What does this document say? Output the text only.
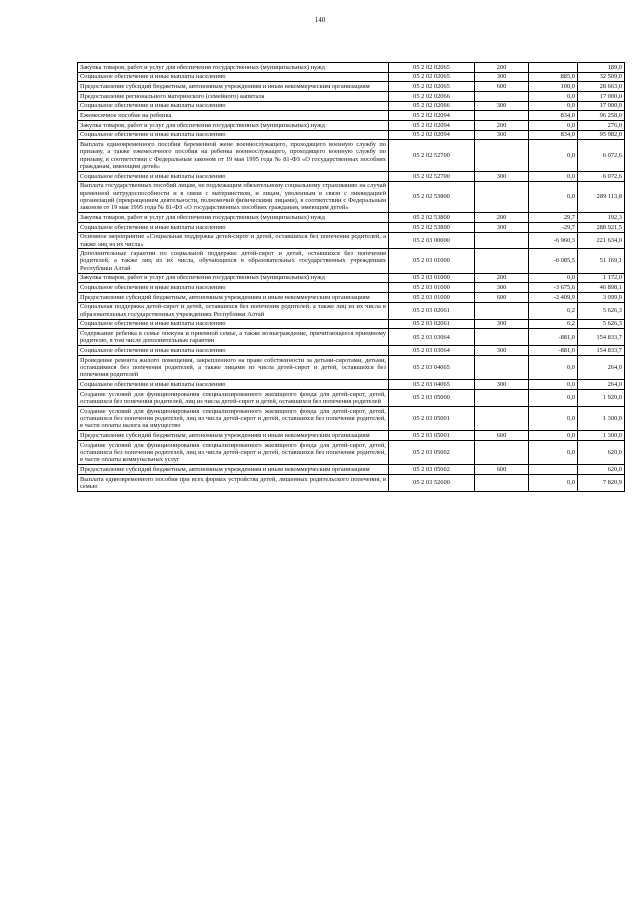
140
Закупка товаров, работ и услуг для обеспечения государственных (муниципальных) нужд	05 2 02 02065	200		189,0
Социальное обеспечение и иные выплаты населению	05 2 02 02065	300	885,0	32 509,0
Предоставление субсидий бюджетным, автономным учреждениям и иным некоммерческим организациям	05 2 02 02065	600	100,0	28 663,0
Предоставление регионального материнского (семейного) капитала	05 2 02 02066		0,0	17 000,0
Социальное обеспечение и иные выплаты населению	05 2 02 02066	300	0,0	17 000,0
Ежемесячное пособие на ребенка	05 2 02 02094		834,0	96 258,0
Закупка товаров, работ и услуг для обеспечения государственных (муниципальных) нужд	05 2 02 02094	200	0,0	276,0
Социальное обеспечение и иные выплаты населению	05 2 02 02094	300	834,0	95 982,0
Выплата единовременного пособия беременной жене военнослужащего, проходящего военную службу по призыву, а также ежемесячного пособия на ребенка военнослужащего, проходящего военную службу по призыву, в соответствии с Федеральным законом от 19 мая 1995 года № 81-ФЗ «О государственных пособиях гражданам, имеющим детей»	05 2 02 52700		0,0	6 072,6
Социальное обеспечение и иные выплаты населению	05 2 02 52700	300	0,0	6 072,6
Выплата государственных пособий лицам, не подлежащим обязательному социальному страхованию на случай временной нетрудоспособности и в связи с материнством, и лицам, уволенным в связи с ликвидацией организаций (прекращением деятельности, полномочий физическими лицами), в соответствии с Федеральным законом от 19 мая 1995 года № 81-ФЗ «О государственных пособиях гражданам, имеющим детей»	05 2 02 53800		0,0	289 113,8
Закупка товаров, работ и услуг для обеспечения государственных (муниципальных) нужд	05 2 02 53800	200	29,7	192,3
Социальное обеспечение и иные выплаты населению	05 2 02 53800	300	-29,7	288 921,5
Основное мероприятие «Социальная поддержка детей-сирот и детей, оставшихся без попечения родителей, а также лиц из их числа»	05 2 03 00000		-6 960,3	221 634,0
Дополнительные гарантии по социальной поддержке детей-сирот и детей, оставшихся без попечения родителей, а также лиц из их числа, обучающихся в образовательных государственных учреждениях Республики Алтай	05 2 03 01000		-6 085,5	51 169,1
Закупка товаров, работ и услуг для обеспечения государственных (муниципальных) нужд	05 2 03 01000	200	0,0	1 172,0
Социальное обеспечение и иные выплаты населению	05 2 03 01000	300	-3 675,6	46 898,1
Предоставление субсидий бюджетным, автономным учреждениям и иным некоммерческим организациям	05 2 03 01000	600	-2 409,9	3 099,0
Социальная поддержка детей-сирот и детей, оставшихся без попечения родителей, а также лиц из их числа в образовательных государственных учреждениях Республики Алтай	05 2 03 02061		6,2	5 626,3
Социальное обеспечение и иные выплаты населению	05 2 03 02061	300	6,2	5 626,3
Содержание ребенка в семье опекуна и приемной семье, а также вознаграждение, причитающееся приемному родителю, в том числе дополнительные гарантии	05 2 03 03064		-881,0	154 833,7
Социальное обеспечение и иные выплаты населению	05 2 03 03064	300	-881,0	154 833,7
Проведение ремонта жилого помещения, закрепленного на праве собственности за детьми-сиротами, детьми, оставшимися без попечения родителей, а также лицами из числа детей-сирот и детей, оставшихся без попечения родителей	05 2 03 04065		0,0	264,0
Социальное обеспечение и иные выплаты населению	05 2 03 04065	300	0,0	264,0
Создание условий для функционирования специализированного жилищного фонда для детей-сирот, детей, оставшихся без попечения родителей, лиц из числа детей-сирот и детей, оставшихся без попечения родителей	05 2 03 05000		0,0	1 920,0
Создание условий для функционирования специализированного жилищного фонда для детей-сирот, детей, оставшихся без попечения родителей, лиц из числа детей-сирот и детей, оставшихся без попечения родителей, в части оплаты налога на имущество	05 2 03 05001		0,0	1 300,0
Предоставление субсидий бюджетным, автономным учреждениям и иным некоммерческим организациям	05 2 03 05001	600	0,0	1 300,0
Создание условий для функционирования специализированного жилищного фонда для детей-сирот, детей, оставшихся без попечения родителей, лиц из числа детей-сирот и детей, оставшихся без попечения родителей, в части оплаты коммунальных услуг	05 2 03 05002		0,0	620,0
Предоставление субсидий бюджетным, автономным учреждениям и иным некоммерческим организациям	05 2 03 05002	600		620,0
Выплата единовременного пособия при всех формах устройства детей, лишенных родительского попечения, в семью	05 2 03 52600		0,0	7 820,9
